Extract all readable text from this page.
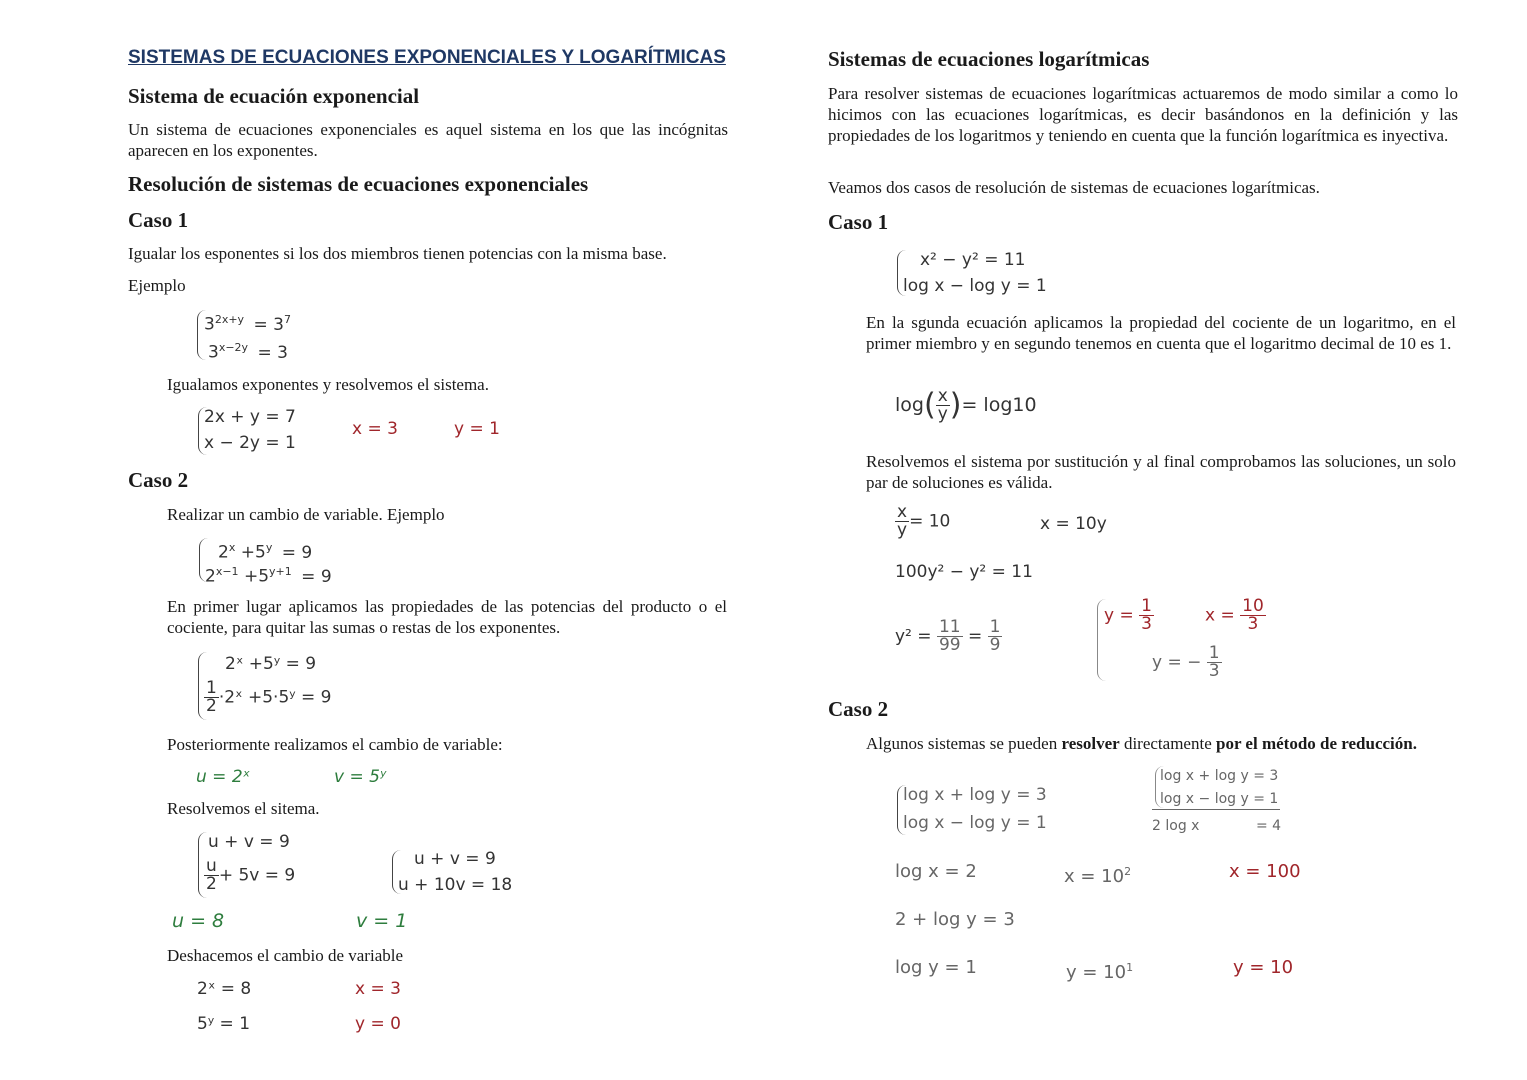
SISTEMAS DE ECUACIONES EXPONENCIALES Y LOGARÍTMICAS
Sistema de ecuación exponencial
Un sistema de ecuaciones exponenciales es aquel sistema en los que las incógnitas aparecen en los exponentes.
Resolución de sistemas de ecuaciones exponenciales
Caso 1
Igualar los esponentes si los dos miembros tienen potencias con la misma base.
Ejemplo
$3^{2x+y} = 3^7$
$3^{x-2y} = 3$
Igualamos exponentes y resolvemos el sistema.
2x + y = 7
x − 2y = 1
x = 3	y = 1
Caso 2
Realizar un cambio de variable. Ejemplo
$2^x +5^y = 9$
$2^{x-1} +5^{y+1} = 9$
En primer lugar aplicamos las propiedades de las potencias del producto o el cociente, para quitar las sumas o restas de los exponentes.
2ˣ +5ʸ = 9
$\frac{1}{2}$ ·2ˣ +5·5ʸ = 9
Posteriormente realizamos el cambio de variable:
u = 2ˣ	v = 5ʸ
Resolvemos el sitema.
u + v = 9
$\frac{u}{2} + 5v = 9$
u + v = 9
u + 10v = 18
u = 8	v = 1
Deshacemos el cambio de variable
2ˣ = 8	x = 3
5ʸ = 1	y = 0
Sistemas de ecuaciones logarítmicas
Para resolver sistemas de ecuaciones logarítmicas actuaremos de modo similar a como lo hicimos con las ecuaciones logarítmicas, es decir basándonos en la definición y las propiedades de los logaritmos y teniendo en cuenta que la función logarítmica es inyectiva.
Veamos dos casos de resolución de sistemas de ecuaciones logarítmicas.
Caso 1
x² − y² = 11
log x − log y = 1
En la sgunda ecuación aplicamos la propiedad del cociente de un logaritmo, en el primer miembro y en segundo tenemos en cuenta que el logaritmo decimal de 10 es 1.
$\log( \frac{x}{y}$ )= log10
Resolvemos el sistema por sustitución y al final comprobamos las soluciones, un solo par de soluciones es válida.
$\frac{x}{y} = 10$	x = 10y
100y² − y² = 11
$y^2 = \frac{11}{99} = \frac{1}{9}$
$y = \frac{1}{3}$	$x = \frac{10}{3}$
y = − $\frac{1}{3}$
Caso 2
Algunos sistemas se pueden resolver directamente por el método de reducción.
log x + log y = 3
log x − log y = 1
log x + log y = 3
log x − log y = 1
2 log x	= 4
log x = 2	$x = 10^2$	x = 100
2 + log y = 3
log y = 1	$y = 10^1$	y = 10
